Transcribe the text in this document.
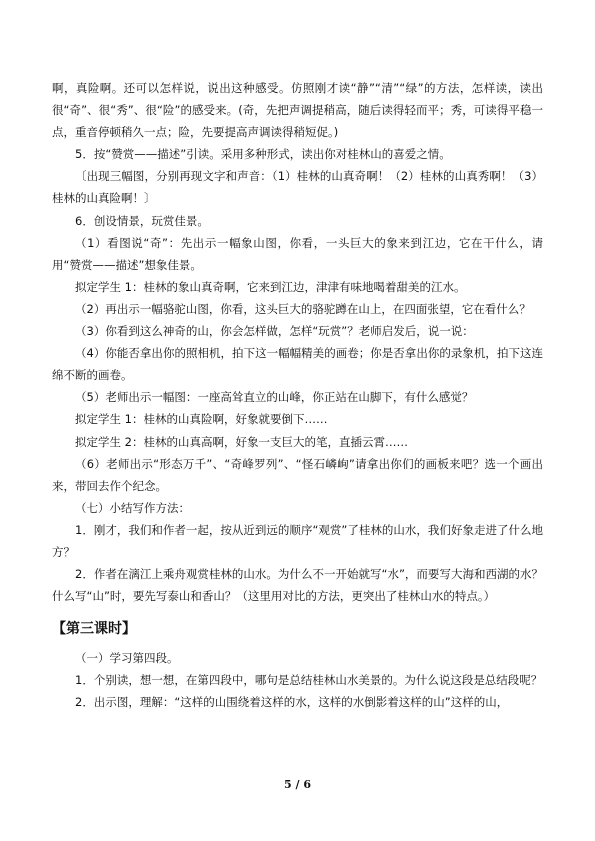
啊，真险啊。还可以怎样说，说出这种感受。仿照刚才读“静”“清”“绿”的方法，怎样读，读出很“奇”、很“秀”、很“险”的感受来。(奇，先把声调提稍高，随后读得轻而平；秀，可读得平稳一点，重音停顿稍久一点；险，先要提高声调读得稍短促。)

5．按“赞赏——描述”引读。采用多种形式，读出你对桂林山的喜爱之情。

〔出现三幅图，分别再现文字和声音：（1）桂林的山真奇啊！（2）桂林的山真秀啊！（3）桂林的山真险啊！〕

6．创设情景，玩赏佳景。

（1）看图说“奇”：先出示一幅象山图，你看，一头巨大的象来到江边，它在干什么，请用“赞赏——描述”想象佳景。

拟定学生 1：桂林的象山真奇啊，它来到江边，津津有味地喝着甜美的江水。

（2）再出示一幅骆驼山图，你看，这头巨大的骆驼蹲在山上，在四面张望，它在看什么？

（3）你看到这么神奇的山，你会怎样做，怎样“玩赏”？老师启发后，说一说：

（4）你能否拿出你的照相机，拍下这一幅幅精美的画卷；你是否拿出你的录象机，拍下这连绵不断的画卷。

（5）老师出示一幅图：一座高耸直立的山峰，你正站在山脚下，有什么感觉？

拟定学生 1：桂林的山真险啊，好象就要倒下……

拟定学生 2：桂林的山真高啊，好象一支巨大的笔，直插云霄……

（6）老师出示“形态万千”、“奇峰罗列”、“怪石嶙峋”请拿出你们的画板来吧？选一个画出来，带回去作个纪念。

（七）小结写作方法：

1．刚才，我们和作者一起，按从近到远的顺序“观赏”了桂林的山水，我们好象走进了什么地方？

2．作者在漓江上乘舟观赏桂林的山水。为什么不一开始就写“水”，而要写大海和西湖的水？什么写“山”时，要先写泰山和香山？（这里用对比的方法，更突出了桂林山水的特点。）

【第三课时】

（一）学习第四段。

1．个别读，想一想，在第四段中，哪句是总结桂林山水美景的。为什么说这段是总结段呢？

2．出示图，理解：“这样的山围绕着这样的水，这样的水倒影着这样的山”这样的山，

5 / 6
